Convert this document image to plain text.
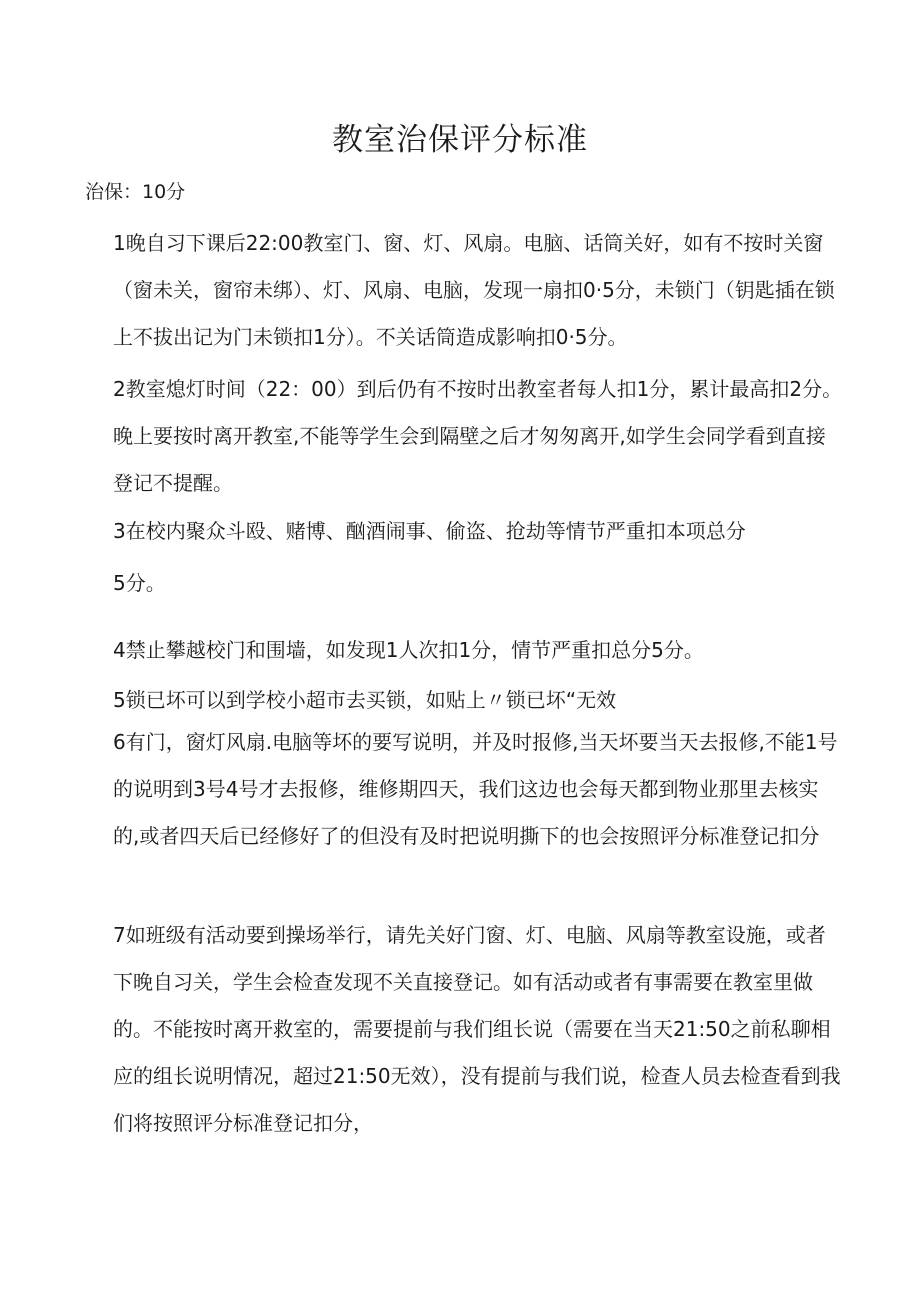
教室治保评分标准

治保：10分

1晚自习下课后22:00教室门、窗、灯、风扇。电脑、话筒关好，如有不按时关窗（窗未关，窗帘未绑）、灯、风扇、电脑，发现一扇扣0·5分，未锁门（钥匙插在锁上不拔出记为门未锁扣1分）。不关话筒造成影响扣0·5分。

2教室熄灯时间（22：00）到后仍有不按时出教室者每人扣1分，累计最高扣2分。晚上要按时离开教室,不能等学生会到隔壁之后才匆匆离开,如学生会同学看到直接登记不提醒。

3在校内聚众斗殴、赌博、酗酒闹事、偷盗、抢劫等情节严重扣本项总分

5分。

4禁止攀越校门和围墙，如发现1人次扣1分，情节严重扣总分5分。

5锁已坏可以到学校小超市去买锁，如贴上〃锁已坏“无效

6有门，窗灯风扇.电脑等坏的要写说明，并及时报修,当天坏要当天去报修,不能1号的说明到3号4号才去报修，维修期四天，我们这边也会每天都到物业那里去核实的,或者四天后已经修好了的但没有及时把说明撕下的也会按照评分标准登记扣分

7如班级有活动要到操场举行，请先关好门窗、灯、电脑、风扇等教室设施，或者下晚自习关，学生会检查发现不关直接登记。如有活动或者有事需要在教室里做的。不能按时离开救室的，需要提前与我们组长说（需要在当天21:50之前私聊相应的组长说明情况，超过21:50无效），没有提前与我们说，检查人员去检查看到我们将按照评分标准登记扣分，
